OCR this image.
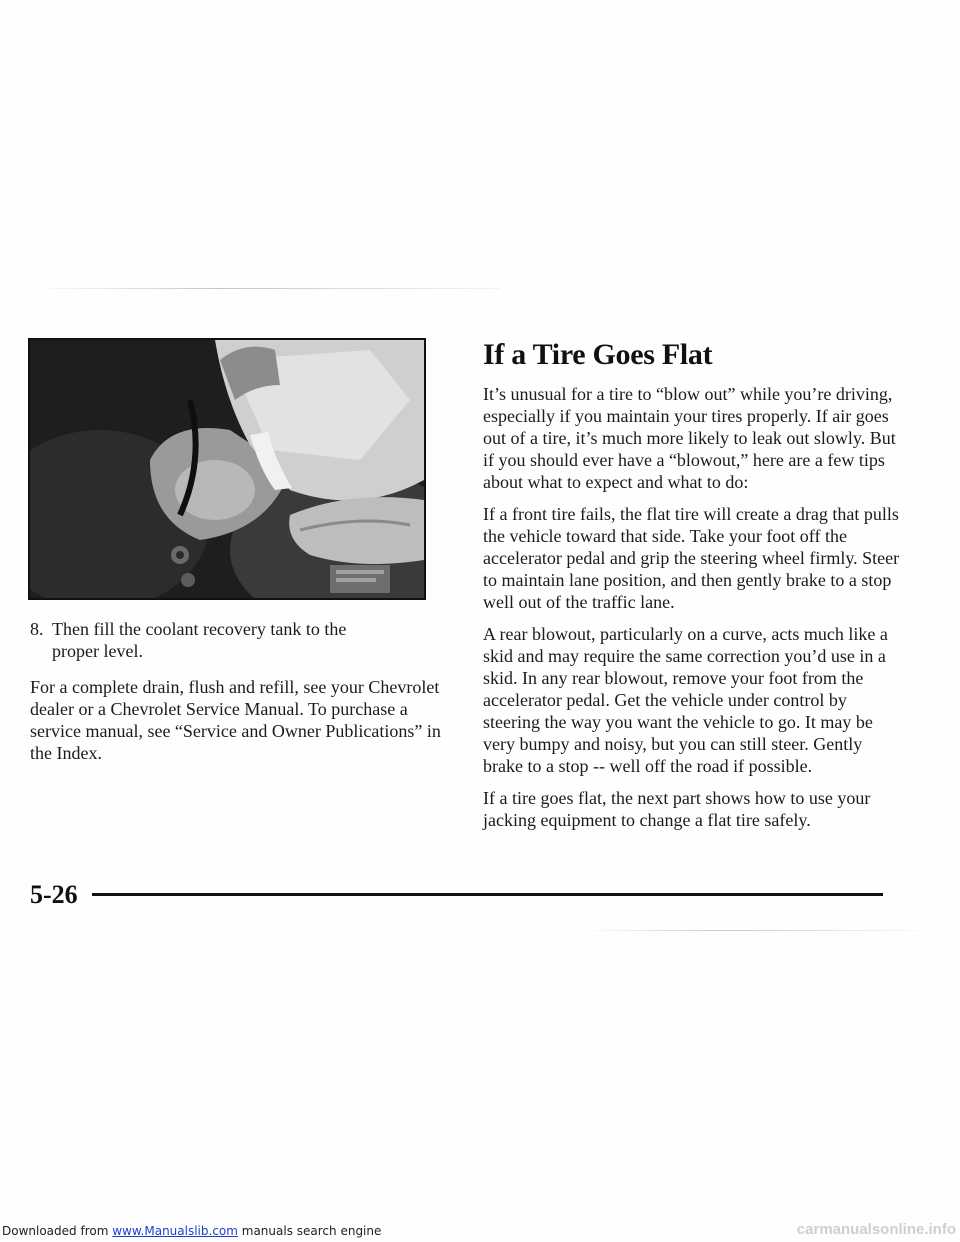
8. Then fill the coolant recovery tank to the
proper level.

For a complete drain, flush and refill, see your Chevrolet dealer or a Chevrolet Service Manual. To purchase a service manual, see “Service and Owner Publications” in the Index.

If a Tire Goes Flat

It’s unusual for a tire to “blow out” while you’re driving, especially if you maintain your tires properly. If air goes out of a tire, it’s much more likely to leak out slowly. But if you should ever have a “blowout,” here are a few tips about what to expect and what to do:

If a front tire fails, the flat tire will create a drag that pulls the vehicle toward that side. Take your foot off the accelerator pedal and grip the steering wheel firmly. Steer to maintain lane position, and then gently brake to a stop well out of the traffic lane.

A rear blowout, particularly on a curve, acts much like a skid and may require the same correction you’d use in a skid. In any rear blowout, remove your foot from the accelerator pedal. Get the vehicle under control by steering the way you want the vehicle to go. It may be very bumpy and noisy, but you can still steer. Gently brake to a stop -- well off the road if possible.

If a tire goes flat, the next part shows how to use your jacking equipment to change a flat tire safely.

5-26
Downloaded from www.Manualslib.com manuals search engine	carmanualsonline.info
